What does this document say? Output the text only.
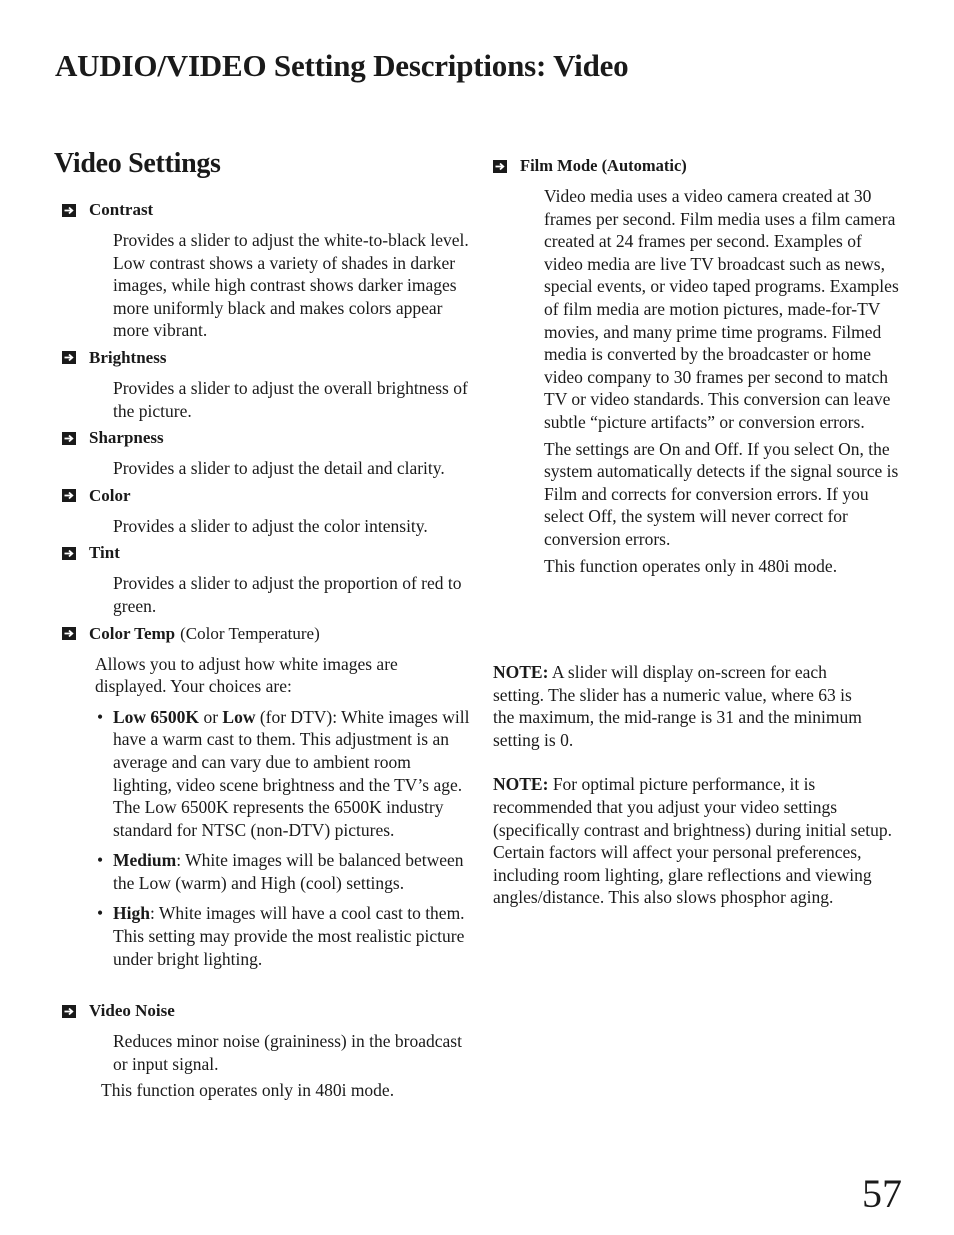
AUDIO/VIDEO Setting Descriptions: Video
Video Settings
Contrast

Provides a slider to adjust the white-to-black level. Low contrast shows a variety of shades in darker images, while high contrast shows darker images more uniformly black and makes colors appear more vibrant.

Brightness

Provides a slider to adjust the overall brightness of the picture.

Sharpness

Provides a slider to adjust the detail and clarity.

Color

Provides a slider to adjust the color intensity.

Tint

Provides a slider to adjust the proportion of red to green.

Color Temp (Color Temperature)

Allows you to adjust how white images are displayed. Your choices are:

• Low 6500K or Low (for DTV): White images will have a warm cast to them. This adjustment is an average and can vary due to ambient room lighting, video scene brightness and the TV’s age. The Low 6500K represents the 6500K industry standard for NTSC (non-DTV) pictures.
• Medium: White images will be balanced between the Low (warm) and High (cool) settings.
• High: White images will have a cool cast to them. This setting may provide the most realistic picture under bright lighting.
Video Noise

Reduces minor noise (graininess) in the broadcast or input signal.

This function operates only in 480i mode.

Film Mode (Automatic)

Video media uses a video camera created at 30 frames per second. Film media uses a film camera created at 24 frames per second. Examples of video media are live TV broadcast such as news, special events, or video taped programs. Examples of film media are motion pictures, made-for-TV movies, and many prime time programs. Filmed media is converted by the broadcaster or home video company to 30 frames per second to match TV or video standards. This conversion can leave subtle “picture artifacts” or conversion errors.

The settings are On and Off. If you select On, the system automatically detects if the signal source is Film and corrects for conversion errors. If you select Off, the system will never correct for conversion errors.

This function operates only in 480i mode.

NOTE: A slider will display on-screen for each setting. The slider has a numeric value, where 63 is the maximum, the mid-range is 31 and the minimum setting is 0.

NOTE: For optimal picture performance, it is recommended that you adjust your video settings (specifically contrast and brightness) during initial setup. Certain factors will affect your personal preferences, including room lighting, glare reflections and viewing angles/distance. This also slows phosphor aging.

57
